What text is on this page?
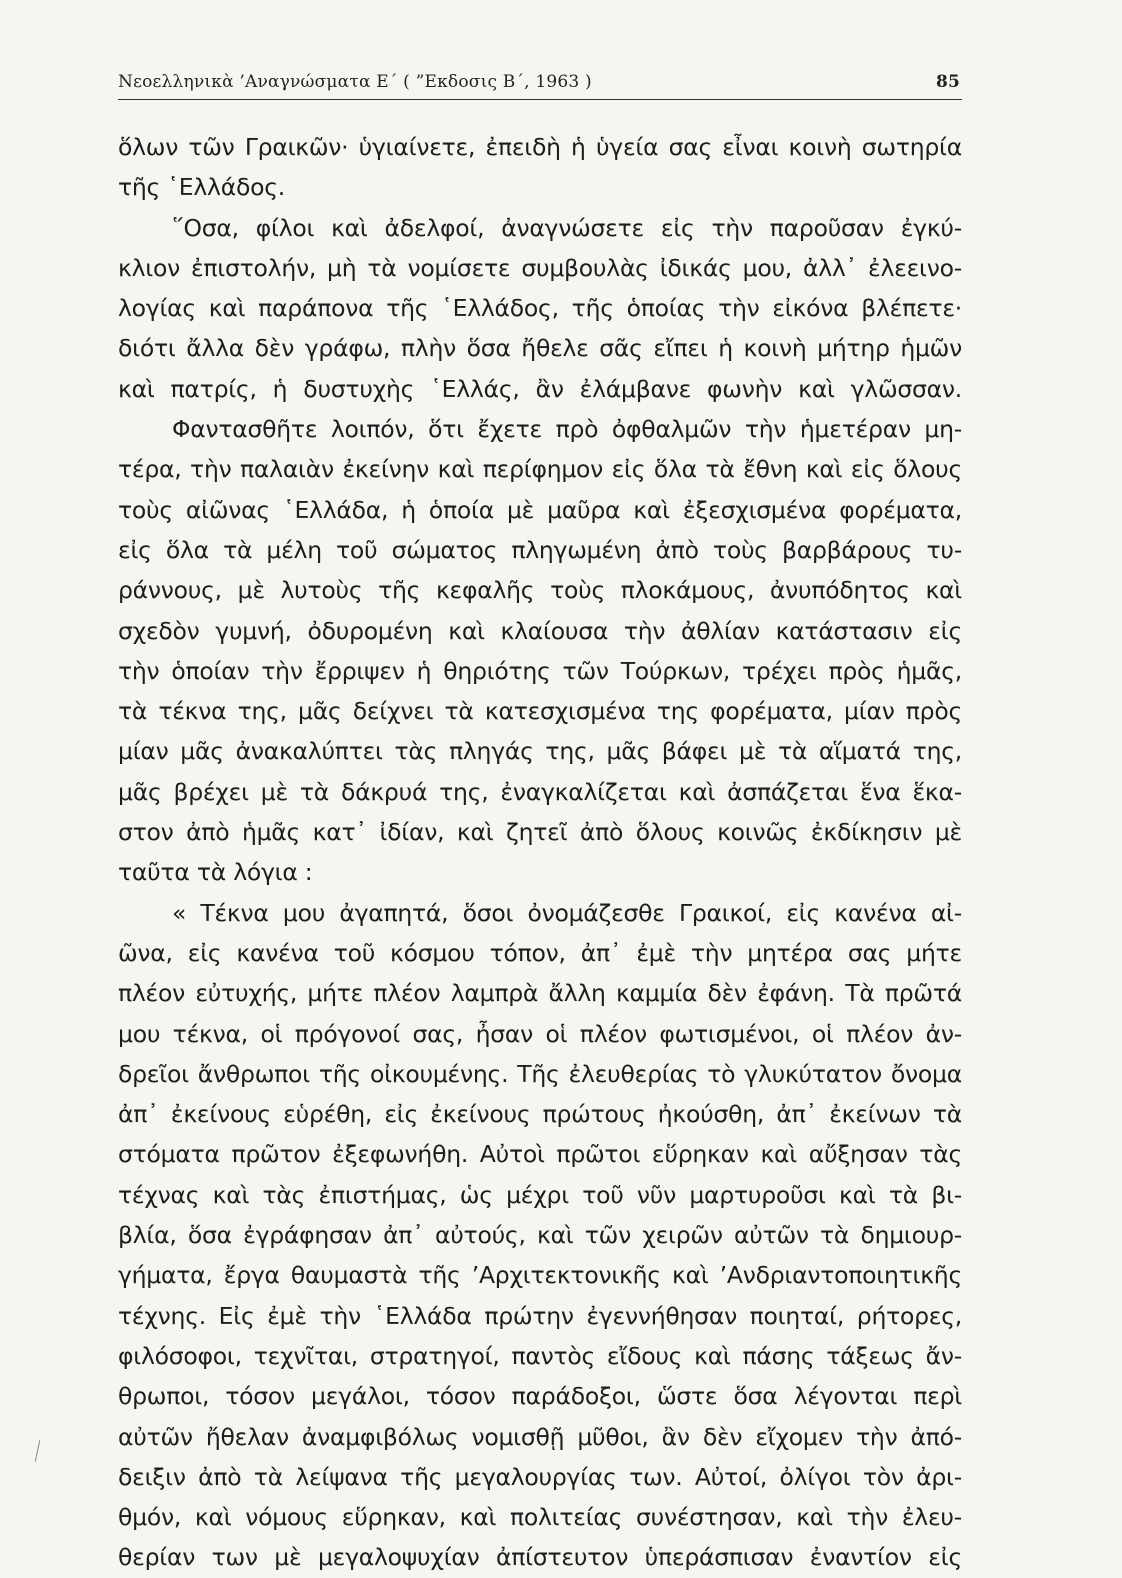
Νεοελληνικὰ ’Αναγνώσματα Ε΄ ( ”Εκδοσις Β΄, 1963 )	85
ὅλων τῶν Γραικῶν· ὑγιαίνετε, ἐπειδὴ ἡ ὑγεία σας εἶναι κοινὴ σωτηρία
τῆς ῾Ελλάδος.
῞Οσα, φίλοι καὶ ἀδελφοί, ἀναγνώσετε εἰς τὴν παροῦσαν ἐγκύ-
κλιον ἐπιστολήν, μὴ τὰ νομίσετε συμβουλὰς ἰδικάς μου, ἀλλ᾽ ἐλεεινο-
λογίας καὶ παράπονα τῆς ῾Ελλάδος, τῆς ὁποίας τὴν εἰκόνα βλέπετε·
διότι ἄλλα δὲν γράφω, πλὴν ὅσα ἤθελε σᾶς εἴπει ἡ κοινὴ μήτηρ ἡμῶν
καὶ πατρίς, ἡ δυστυχὴς ῾Ελλάς, ἂν ἐλάμβανε φωνὴν καὶ γλῶσσαν.
Φαντασθῆτε λοιπόν, ὅτι ἔχετε πρὸ ὀφθαλμῶν τὴν ἡμετέραν μη-
τέρα, τὴν παλαιὰν ἐκείνην καὶ περίφημον εἰς ὅλα τὰ ἔθνη καὶ εἰς ὅλους
τοὺς αἰῶνας ῾Ελλάδα, ἡ ὁποία μὲ μαῦρα καὶ ἐξεσχισμένα φορέματα,
εἰς ὅλα τὰ μέλη τοῦ σώματος πληγωμένη ἀπὸ τοὺς βαρβάρους τυ-
ράννους, μὲ λυτοὺς τῆς κεφαλῆς τοὺς πλοκάμους, ἀνυπόδητος καὶ
σχεδὸν γυμνή, ὀδυρομένη καὶ κλαίουσα τὴν ἀθλίαν κατάστασιν εἰς
τὴν ὁποίαν τὴν ἔρριψεν ἡ θηριότης τῶν Τούρκων, τρέχει πρὸς ἡμᾶς,
τὰ τέκνα της, μᾶς δείχνει τὰ κατεσχισμένα της φορέματα, μίαν πρὸς
μίαν μᾶς ἀνακαλύπτει τὰς πληγάς της, μᾶς βάφει μὲ τὰ αἵματά της,
μᾶς βρέχει μὲ τὰ δάκρυά της, ἐναγκαλίζεται καὶ ἀσπάζεται ἕνα ἕκα-
στον ἀπὸ ἡμᾶς κατ᾽ ἰδίαν, καὶ ζητεῖ ἀπὸ ὅλους κοινῶς ἐκδίκησιν μὲ
ταῦτα τὰ λόγια :
« Τέκνα μου ἀγαπητά, ὅσοι ὀνομάζεσθε Γραικοί, εἰς κανένα αἰ-
ῶνα, εἰς κανένα τοῦ κόσμου τόπον, ἀπ᾽ ἐμὲ τὴν μητέρα σας μήτε
πλέον εὐτυχής, μήτε πλέον λαμπρὰ ἄλλη καμμία δὲν ἐφάνη. Τὰ πρῶτά
μου τέκνα, οἱ πρόγονοί σας, ἦσαν οἱ πλέον φωτισμένοι, οἱ πλέον ἀν-
δρεῖοι ἄνθρωποι τῆς οἰκουμένης. Τῆς ἐλευθερίας τὸ γλυκύτατον ὄνομα
ἀπ᾽ ἐκείνους εὑρέθη, εἰς ἐκείνους πρώτους ἠκούσθη, ἀπ᾽ ἐκείνων τὰ
στόματα πρῶτον ἐξεφωνήθη. Αὐτοὶ πρῶτοι εὕρηκαν καὶ αὔξησαν τὰς
τέχνας καὶ τὰς ἐπιστήμας, ὡς μέχρι τοῦ νῦν μαρτυροῦσι καὶ τὰ βι-
βλία, ὅσα ἐγράφησαν ἀπ᾽ αὐτούς, καὶ τῶν χειρῶν αὐτῶν τὰ δημιουρ-
γήματα, ἔργα θαυμαστὰ τῆς ’Αρχιτεκτονικῆς καὶ ’Ανδριαντοποιητικῆς
τέχνης. Εἰς ἐμὲ τὴν ῾Ελλάδα πρώτην ἐγεννήθησαν ποιηταί, ρήτορες,
φιλόσοφοι, τεχνῖται, στρατηγοί, παντὸς εἴδους καὶ πάσης τάξεως ἄν-
θρωποι, τόσον μεγάλοι, τόσον παράδοξοι, ὥστε ὅσα λέγονται περὶ
αὐτῶν ἤθελαν ἀναμφιβόλως νομισθῇ μῦθοι, ἂν δὲν εἴχομεν τὴν ἀπό-
δειξιν ἀπὸ τὰ λείψανα τῆς μεγαλουργίας των. Αὐτοί, ὀλίγοι τὸν ἀρι-
θμόν, καὶ νόμους εὕρηκαν, καὶ πολιτείας συνέστησαν, καὶ τὴν ἐλευ-
θερίαν των μὲ μεγαλοψυχίαν ἀπίστευτον ὑπεράσπισαν ἐναντίον εἰς
